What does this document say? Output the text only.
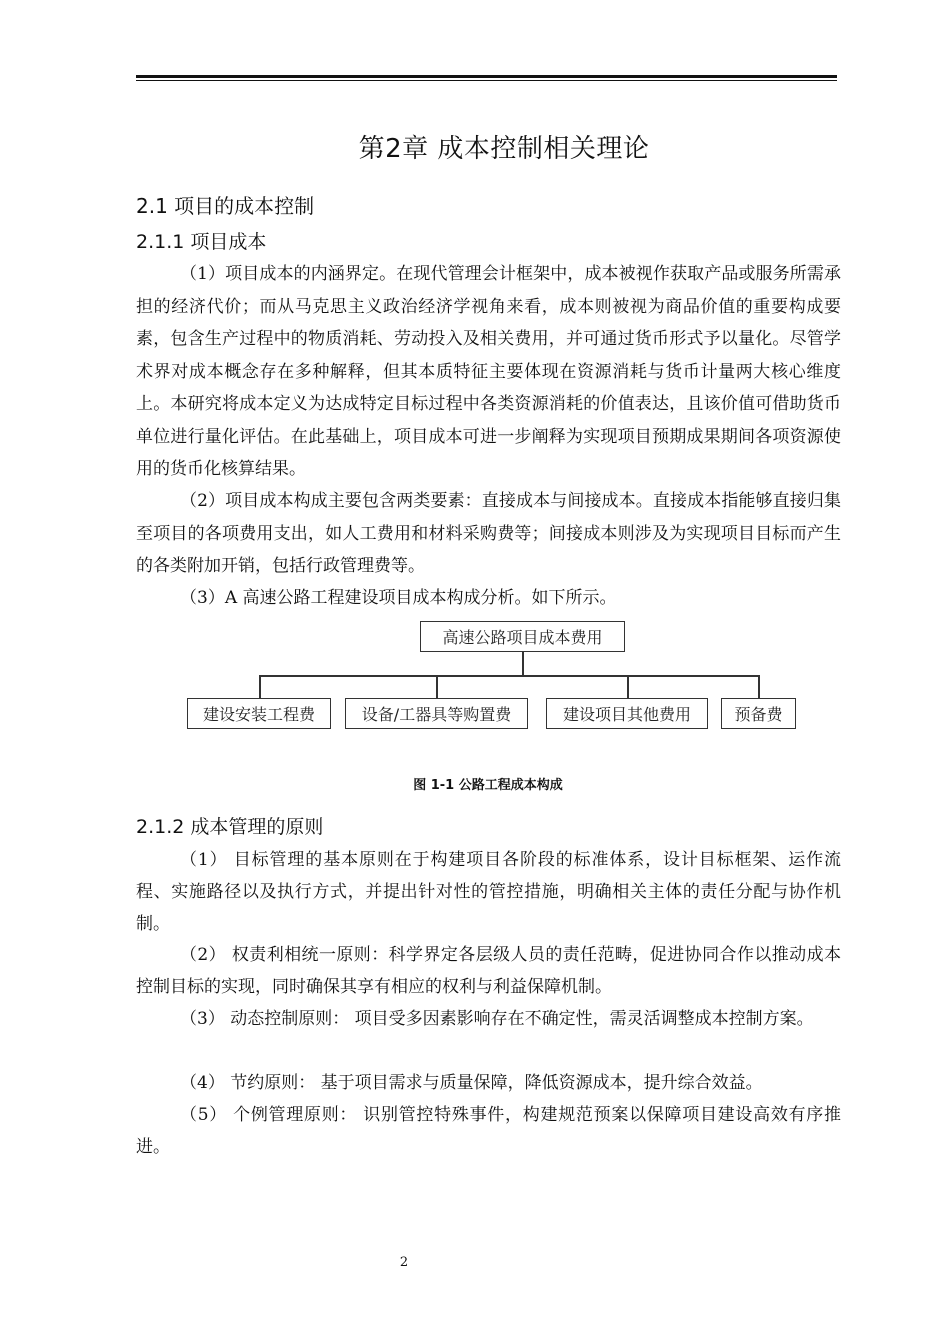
第2章 成本控制相关理论
2.1 项目的成本控制
2.1.1 项目成本

（1）项目成本的内涵界定。在现代管理会计框架中，成本被视作获取产品或服务所需承担的经济代价；而从马克思主义政治经济学视角来看，成本则被视为商品价值的重要构成要素，包含生产过程中的物质消耗、劳动投入及相关费用，并可通过货币形式予以量化。尽管学术界对成本概念存在多种解释，但其本质特征主要体现在资源消耗与货币计量两大核心维度上。本研究将成本定义为达成特定目标过程中各类资源消耗的价值表达，且该价值可借助货币单位进行量化评估。在此基础上，项目成本可进一步阐释为实现项目预期成果期间各项资源使用的货币化核算结果。

（2）项目成本构成主要包含两类要素：直接成本与间接成本。直接成本指能够直接归集至项目的各项费用支出，如人工费用和材料采购费等；间接成本则涉及为实现项目目标而产生的各类附加开销，包括行政管理费等。

（3）A 高速公路工程建设项目成本构成分析。如下所示。

高速公路项目成本费用
建设安装工程费	设备/工器具等购置费	建设项目其他费用	预备费
图 1-1 公路工程成本构成
2.1.2 成本管理的原则

（1） 目标管理的基本原则在于构建项目各阶段的标准体系，设计目标框架、运作流程、实施路径以及执行方式，并提出针对性的管控措施，明确相关主体的责任分配与协作机制。

（2） 权责利相统一原则：科学界定各层级人员的责任范畴，促进协同合作以推动成本控制目标的实现，同时确保其享有相应的权利与利益保障机制。

（3） 动态控制原则： 项目受多因素影响存在不确定性，需灵活调整成本控制方案。

（4） 节约原则： 基于项目需求与质量保障，降低资源成本，提升综合效益。

（5） 个例管理原则： 识别管控特殊事件，构建规范预案以保障项目建设高效有序推进。

2
